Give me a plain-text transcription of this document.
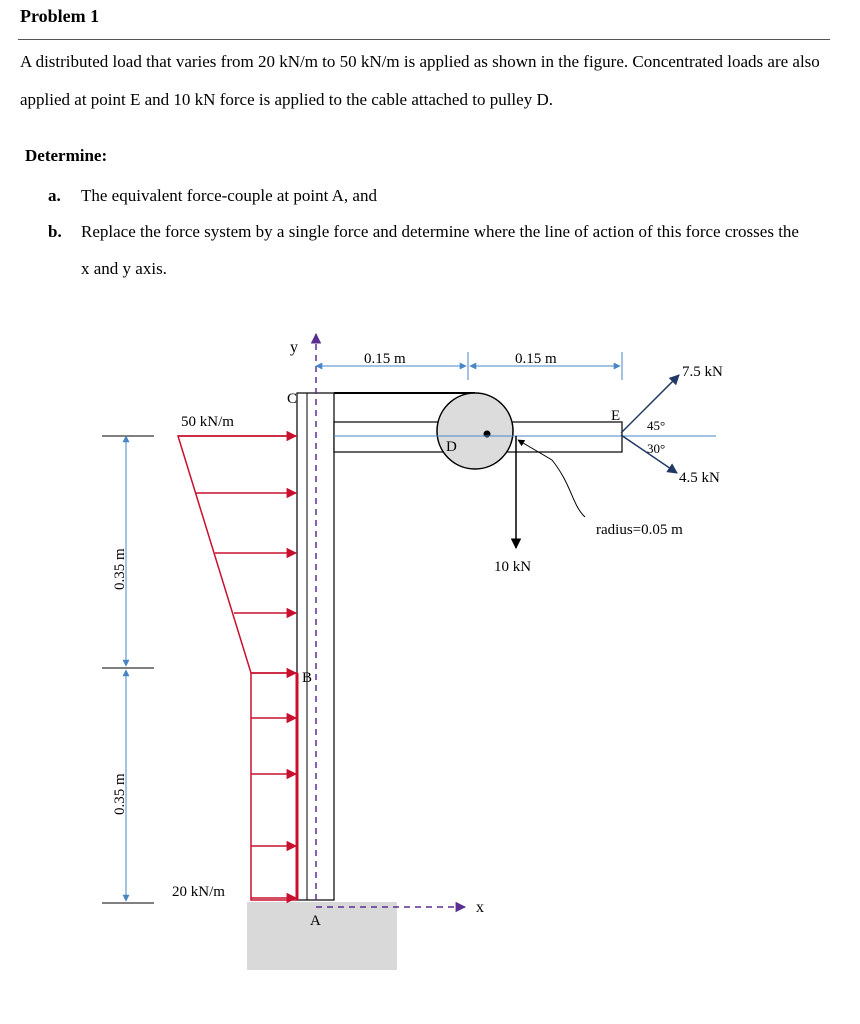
Problem 1

A distributed load that varies from 20 kN/m to 50 kN/m is applied as shown in the figure. Concentrated loads are also applied at point E and 10 kN force is applied to the cable attached to pulley D.

Determine:
a. The equivalent force-couple at point A, and
b. Replace the force system by a single force and determine where the line of action of this force crosses the x and y axis.
D
10 kN
radius=0.05 m
C
E
B
A
7.5 kN
4.5 kN
45°
30°
y
x
0.15 m	0.15 m
0.35 m
0.35 m
50 kN/m
20 kN/m
